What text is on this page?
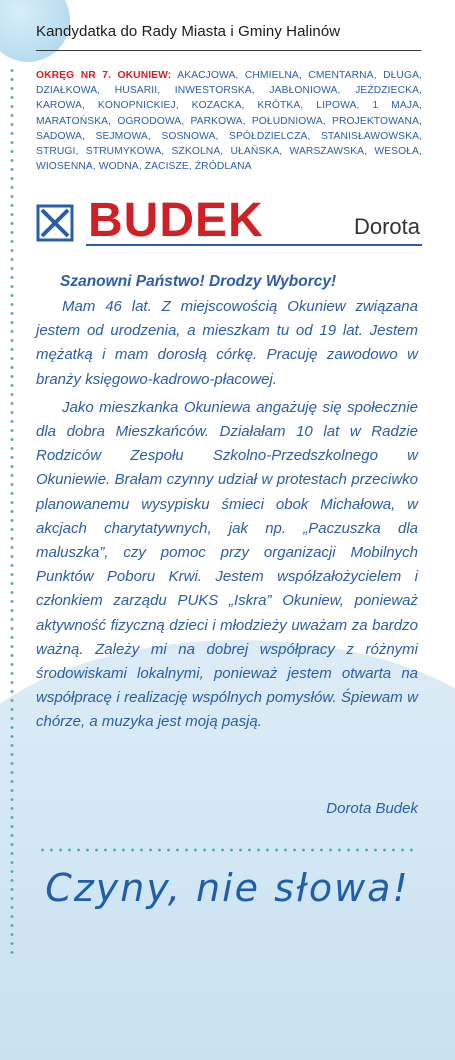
Kandydatka do Rady Miasta i Gminy Halinów
OKRĘG NR 7. OKUNIEW: AKACJOWA, CHMIELNA, CMENTARNA, DŁUGA, DZIAŁKOWA, HUSARII, INWESTORSKA, JABŁONIOWA, JEŹDZIECKA, KAROWA, KONOPNICKIEJ, KOZACKA, KRÓTKA, LIPOWA, 1 MAJA, MARATOŃSKA, OGRODOWA, PARKOWA, POŁUDNIOWA, PROJEKTOWANA, SADOWA, SEJMOWA, SOSNOWA, SPÓŁDZIELCZA, STANISŁAWOWSKA, STRUGI, STRUMYKOWA, SZKOLNA, UŁAŃSKA, WARSZAWSKA, WESOŁA, WIOSENNA, WODNA, ZACISZE, ŹRÓDLANA
BUDEK	Dorota
Szanowni Państwo! Drodzy Wyborcy!

Mam 46 lat. Z miejscowością Okuniew związana jestem od urodzenia, a mieszkam tu od 19 lat. Jestem mężatką i mam dorosłą córkę. Pracuję zawodowo w branży księgowo-kadrowo-płacowej.

Jako mieszkanka Okuniewa angażuję się społecznie dla dobra Mieszkańców. Działałam 10 lat w Radzie Rodziców Zespołu Szkolno-Przedszkolnego w Okuniewie. Brałam czynny udział w protestach przeciwko planowanemu wysypisku śmieci obok Michałowa, w akcjach charytatywnych, jak np. „Paczuszka dla maluszka”, czy pomoc przy organizacji Mobilnych Punktów Poboru Krwi. Jestem współzałożycielem i członkiem zarządu PUKS „Iskra” Okuniew, ponieważ aktywność fizyczną dzieci i młodzieży uważam za bardzo ważną. Zależy mi na dobrej współpracy z różnymi środowiskami lokalnymi, ponieważ jestem otwarta na współpracę i realizację wspólnych pomysłów. Śpiewam w chórze, a muzyka jest moją pasją.

Dorota Budek
Czyny, nie słowa!
